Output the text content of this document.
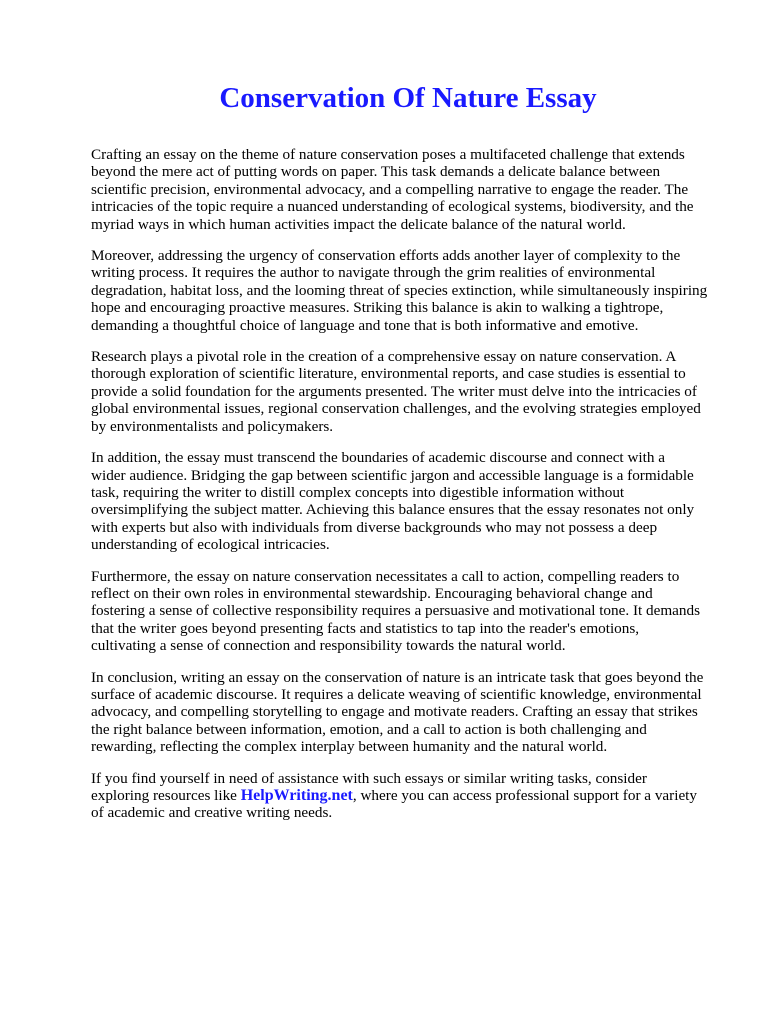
Conservation Of Nature Essay

Crafting an essay on the theme of nature conservation poses a multifaceted challenge that extends
beyond the mere act of putting words on paper. This task demands a delicate balance between
scientific precision, environmental advocacy, and a compelling narrative to engage the reader. The
intricacies of the topic require a nuanced understanding of ecological systems, biodiversity, and the
myriad ways in which human activities impact the delicate balance of the natural world.

Moreover, addressing the urgency of conservation efforts adds another layer of complexity to the
writing process. It requires the author to navigate through the grim realities of environmental
degradation, habitat loss, and the looming threat of species extinction, while simultaneously inspiring
hope and encouraging proactive measures. Striking this balance is akin to walking a tightrope,
demanding a thoughtful choice of language and tone that is both informative and emotive.

Research plays a pivotal role in the creation of a comprehensive essay on nature conservation. A
thorough exploration of scientific literature, environmental reports, and case studies is essential to
provide a solid foundation for the arguments presented. The writer must delve into the intricacies of
global environmental issues, regional conservation challenges, and the evolving strategies employed
by environmentalists and policymakers.

In addition, the essay must transcend the boundaries of academic discourse and connect with a
wider audience. Bridging the gap between scientific jargon and accessible language is a formidable
task, requiring the writer to distill complex concepts into digestible information without
oversimplifying the subject matter. Achieving this balance ensures that the essay resonates not only
with experts but also with individuals from diverse backgrounds who may not possess a deep
understanding of ecological intricacies.

Furthermore, the essay on nature conservation necessitates a call to action, compelling readers to
reflect on their own roles in environmental stewardship. Encouraging behavioral change and
fostering a sense of collective responsibility requires a persuasive and motivational tone. It demands
that the writer goes beyond presenting facts and statistics to tap into the reader's emotions,
cultivating a sense of connection and responsibility towards the natural world.

In conclusion, writing an essay on the conservation of nature is an intricate task that goes beyond the
surface of academic discourse. It requires a delicate weaving of scientific knowledge, environmental
advocacy, and compelling storytelling to engage and motivate readers. Crafting an essay that strikes
the right balance between information, emotion, and a call to action is both challenging and
rewarding, reflecting the complex interplay between humanity and the natural world.

If you find yourself in need of assistance with such essays or similar writing tasks, consider
exploring resources like HelpWriting.net, where you can access professional support for a variety
of academic and creative writing needs.
